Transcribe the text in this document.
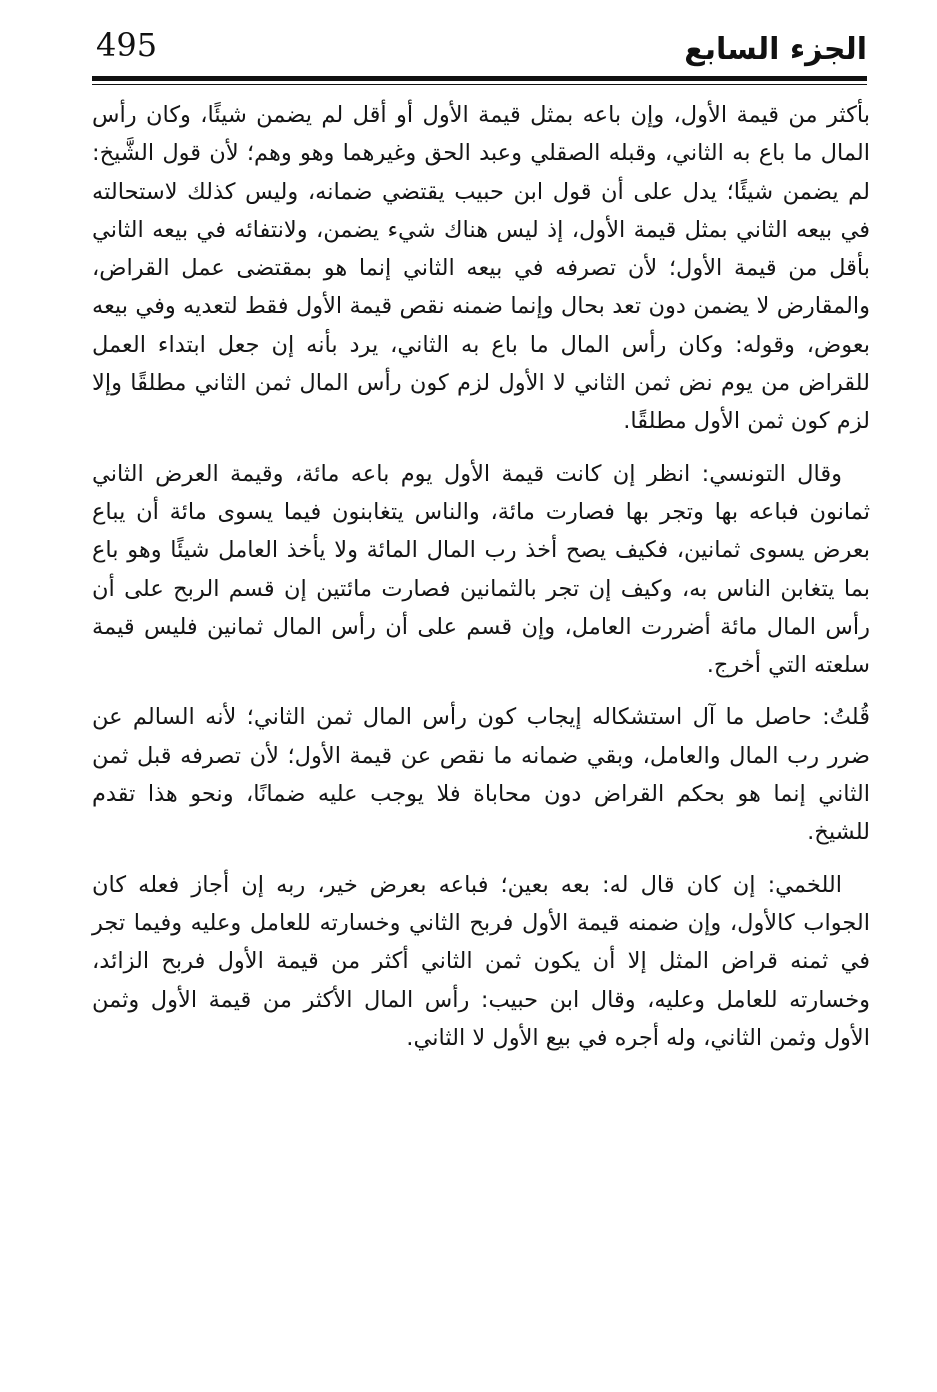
495	الجزء السابع

بأكثر من قيمة الأول، وإن باعه بمثل قيمة الأول أو أقل لم يضمن شيئًا، وكان رأس المال ما باع به الثاني، وقبله الصقلي وعبد الحق وغيرهما وهو وهم؛ لأن قول الشَّيخ: لم يضمن شيئًا؛ يدل على أن قول ابن حبيب يقتضي ضمانه، وليس كذلك لاستحالته في بيعه الثاني بمثل قيمة الأول، إذ ليس هناك شيء يضمن، ولانتفائه في بيعه الثاني بأقل من قيمة الأول؛ لأن تصرفه في بيعه الثاني إنما هو بمقتضى عمل القراض، والمقارض لا يضمن دون تعد بحال وإنما ضمنه نقص قيمة الأول فقط لتعديه وفي بيعه بعوض، وقوله: وكان رأس المال ما باع به الثاني، يرد بأنه إن جعل ابتداء العمل للقراض من يوم نض ثمن الثاني لا الأول لزم كون رأس المال ثمن الثاني مطلقًا وإلا لزم كون ثمن الأول مطلقًا.

وقال التونسي: انظر إن كانت قيمة الأول يوم باعه مائة، وقيمة العرض الثاني ثمانون فباعه بها وتجر بها فصارت مائة، والناس يتغابنون فيما يسوى مائة أن يباع بعرض يسوى ثمانين، فكيف يصح أخذ رب المال المائة ولا يأخذ العامل شيئًا وهو باع بما يتغابن الناس به، وكيف إن تجر بالثمانين فصارت مائتين إن قسم الربح على أن رأس المال مائة أضررت العامل، وإن قسم على أن رأس المال ثمانين فليس قيمة سلعته التي أخرج.

قُلتُ: حاصل ما آل استشكاله إيجاب كون رأس المال ثمن الثاني؛ لأنه السالم عن ضرر رب المال والعامل، وبقي ضمانه ما نقص عن قيمة الأول؛ لأن تصرفه قبل ثمن الثاني إنما هو بحكم القراض دون محاباة فلا يوجب عليه ضمانًا، ونحو هذا تقدم للشيخ.

اللخمي: إن كان قال له: بعه بعين؛ فباعه بعرض خير، ربه إن أجاز فعله كان الجواب كالأول، وإن ضمنه قيمة الأول فربح الثاني وخسارته للعامل وعليه وفيما تجر في ثمنه قراض المثل إلا أن يكون ثمن الثاني أكثر من قيمة الأول فربح الزائد، وخسارته للعامل وعليه، وقال ابن حبيب: رأس المال الأكثر من قيمة الأول وثمن الأول وثمن الثاني، وله أجره في بيع الأول لا الثاني.
